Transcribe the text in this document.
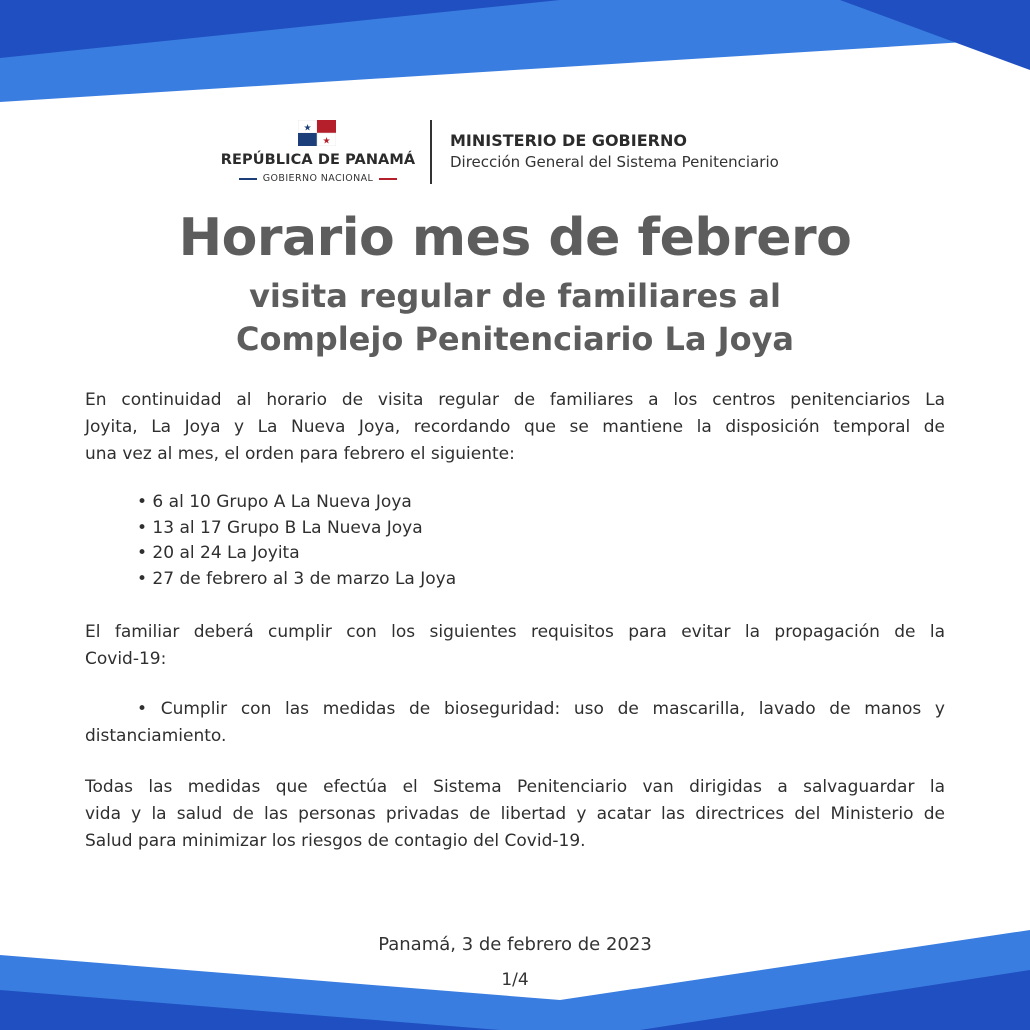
★
★
REPÚBLICA DE PANAMÁ
GOBIERNO NACIONAL
MINISTERIO DE GOBIERNO
Dirección General del Sistema Penitenciario
Horario mes de febrero
visita regular de familiares al
Complejo Penitenciario La Joya
En continuidad al horario de visita regular de familiares a los centros penitenciarios La
Joyita, La Joya y La Nueva Joya, recordando que se mantiene la disposición temporal de
una vez al mes, el orden para febrero el siguiente:
• 6 al 10 Grupo A La Nueva Joya
• 13 al 17 Grupo B La Nueva Joya
• 20 al 24 La Joyita
• 27 de febrero al 3 de marzo La Joya
El familiar deberá cumplir con los siguientes requisitos para evitar la propagación de la
Covid-19:
• Cumplir con las medidas de bioseguridad: uso de mascarilla, lavado de manos y
distanciamiento.
Todas las medidas que efectúa el Sistema Penitenciario van dirigidas a salvaguardar la
vida y la salud de las personas privadas de libertad y acatar las directrices del Ministerio de
Salud para minimizar los riesgos de contagio del Covid-19.
Panamá, 3 de febrero de 2023
1/4
